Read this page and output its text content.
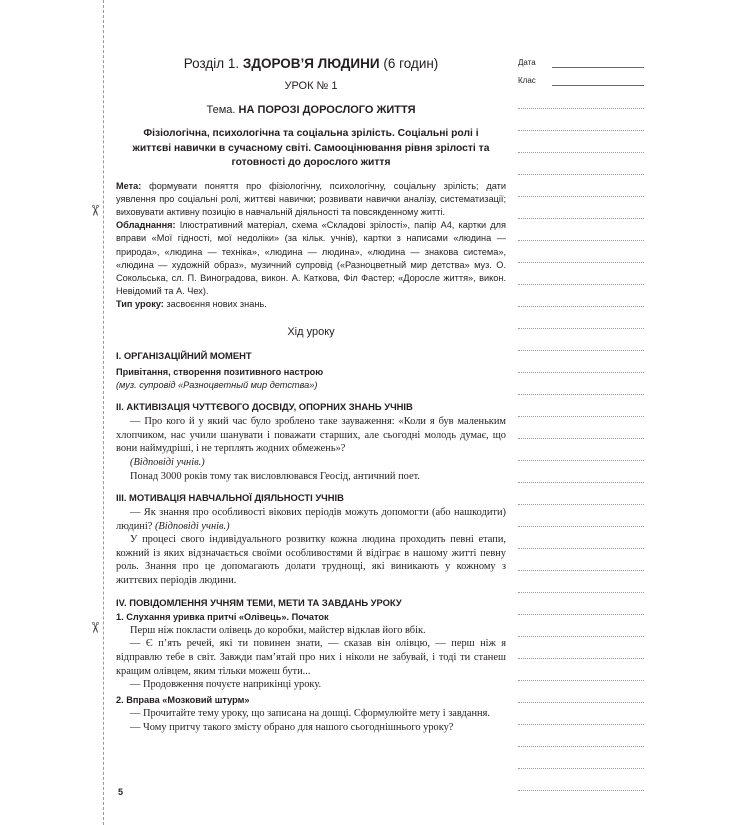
✂
✂
Розділ 1. ЗДОРОВ’Я ЛЮДИНИ (6 годин)
УРОК № 1
Тема. НА ПОРОЗІ ДОРОСЛОГО ЖИТТЯ
Фізіологічна, психологічна та соціальна зрілість. Соціальні ролі і життєві навички в сучасному світі. Самооцінювання рівня зрілості та готовності до дорослого життя

Мета: формувати поняття про фізіологічну, психологічну, соціальну зрілість; дати уявлення про соціальні ролі, життєві навички; розвивати навички аналізу, систематизації; виховувати активну позицію в навчальній діяльності та повсякденному житті.

Обладнання: Ілюстративний матеріал, схема «Складові зрілості», папір А4, картки для вправи «Мої гідності, мої недоліки» (за кільк. учнів), картки з написами «людина — природа», «людина — техніка», «людина — людина», «людина — знакова система», «людина — художній образ», музичний супровід («Разноцветный мир детства» муз. О. Сокольська, сл. П. Виноградова, викон. А. Каткова, Філ Фастер; «Доросле життя», викон. Невідомий та А. Чех).

Тип уроку: засвоєння нових знань.

Хід уроку
I. ОРГАНІЗАЦІЙНИЙ МОМЕНТ
Привітання, створення позитивного настрою
(муз. супровід «Разноцветный мир детства»)
II. АКТИВІЗАЦІЯ ЧУТТЄВОГО ДОСВІДУ, ОПОРНИХ ЗНАНЬ УЧНІВ

— Про кого й у який час було зроблено таке зауваження: «Коли я був маленьким хлопчиком, нас учили шанувати і поважати старших, але сьогодні молодь думає, що вони наймудріші, і не терплять жодних обмежень»?

(Відповіді учнів.)

Понад 3000 років тому так висловлювався Геосід, античний поет.

III. МОТИВАЦІЯ НАВЧАЛЬНОЇ ДІЯЛЬНОСТІ УЧНІВ

— Як знання про особливості вікових періодів можуть допомогти (або нашкодити) людині? (Відповіді учнів.)

У процесі свого індивідуального розвитку кожна людина проходить певні етапи, кожний із яких відзначається своїми особливостями й відіграє в нашому житті певну роль. Знання про це допомагають долати труднощі, які виникають у кожному з життєвих періодів людини.

IV. ПОВІДОМЛЕННЯ УЧНЯМ ТЕМИ, МЕТИ ТА ЗАВДАНЬ УРОКУ
1. Слухання уривка притчі «Олівець». Початок

Перш ніж покласти олівець до коробки, майстер відклав його вбік.

— Є п’ять речей, які ти повинен знати, — сказав він олівцю, — перш ніж я відправлю тебе в світ. Завжди пам’ятай про них і ніколи не забувай, і тоді ти станеш кращим олівцем, яким тільки можеш бути...

— Продовження почуєте наприкінці уроку.

2. Вправа «Мозковий штурм»

— Прочитайте тему уроку, що записана на дошці. Сформулюйте мету і завдання.

— Чому притчу такого змісту обрано для нашого сьогоднішнього уроку?

5
Дата
Клас
